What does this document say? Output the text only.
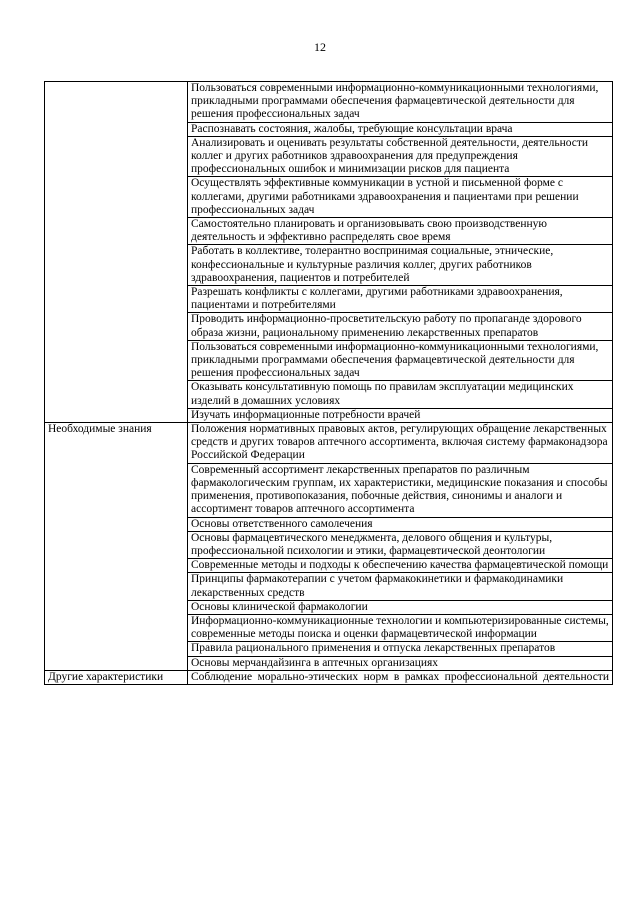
12
	Пользоваться современными информационно-коммуникационными технологиями, прикладными программами обеспечения фармацевтической деятельности для решения профессиональных задач
	Распознавать состояния, жалобы, требующие консультации врача
	Анализировать и оценивать результаты собственной деятельности, деятельности коллег и других работников здравоохранения для предупреждения профессиональных ошибок и минимизации рисков для пациента
	Осуществлять эффективные коммуникации в устной и письменной форме с коллегами, другими работниками здравоохранения и пациентами при решении профессиональных задач
	Самостоятельно планировать и организовывать свою производственную деятельность и эффективно распределять свое время
	Работать в коллективе, толерантно воспринимая социальные, этнические, конфессиональные и культурные различия коллег, других работников здравоохранения, пациентов и потребителей
	Разрешать конфликты с коллегами, другими работниками здравоохранения, пациентами и потребителями
	Проводить информационно-просветительскую работу по пропаганде здорового образа жизни, рациональному применению лекарственных препаратов
	Пользоваться современными информационно-коммуникационными технологиями, прикладными программами обеспечения фармацевтической деятельности для решения профессиональных задач
	Оказывать консультативную помощь по правилам эксплуатации медицинских изделий в домашних условиях
	Изучать информационные потребности врачей
Необходимые знания	Положения нормативных правовых актов, регулирующих обращение лекарственных средств и других товаров аптечного ассортимента, включая систему фармаконадзора Российской Федерации
	Современный ассортимент лекарственных препаратов по различным фармакологическим группам, их характеристики, медицинские показания и способы применения, противопоказания, побочные действия, синонимы и аналоги и ассортимент товаров аптечного ассортимента
	Основы ответственного самолечения
	Основы фармацевтического менеджмента, делового общения и культуры, профессиональной психологии и этики, фармацевтической деонтологии
	Современные методы и подходы к обеспечению качества фармацевтической помощи
	Принципы фармакотерапии с учетом фармакокинетики и фармакодинамики лекарственных средств
	Основы клинической фармакологии
	Информационно-коммуникационные технологии и компьютеризированные системы, современные методы поиска и оценки фармацевтической информации
	Правила рационального применения и отпуска лекарственных препаратов
	Основы мерчандайзинга в аптечных организациях
Другие характеристики	Соблюдение морально-этических норм в рамках профессиональной деятельности
